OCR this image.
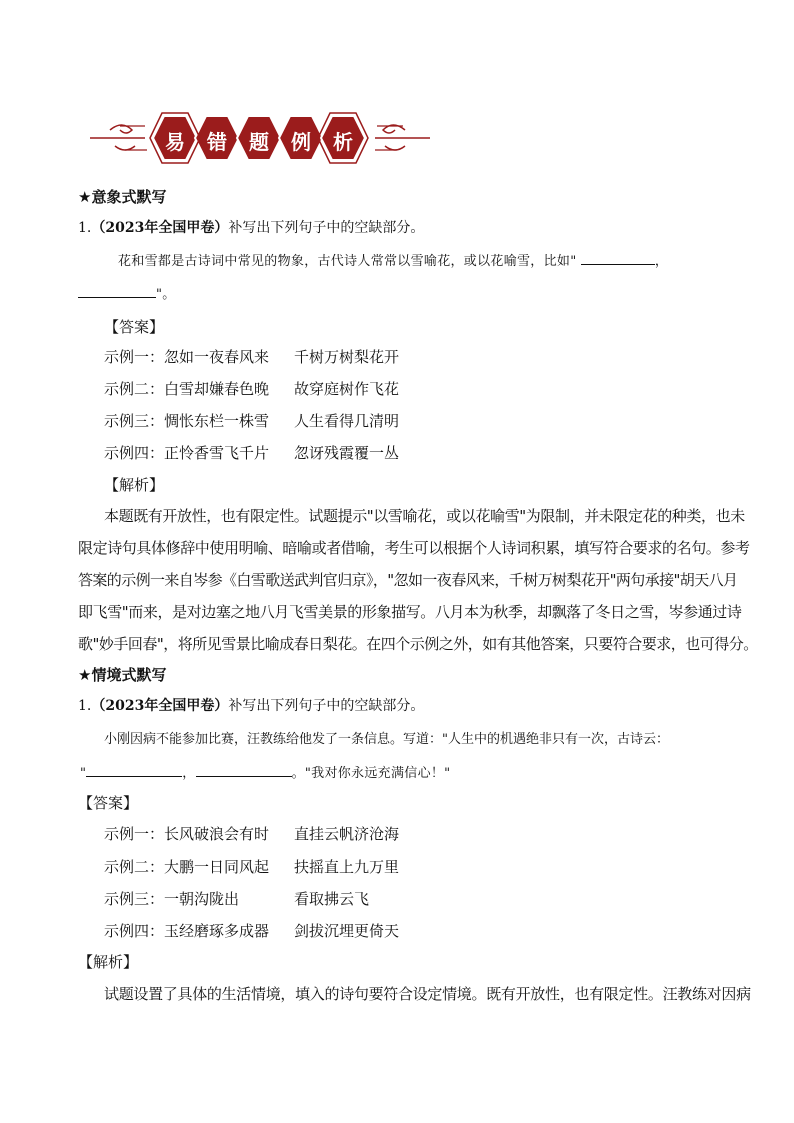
易	错	题	例	析
★意象式默写
1.（2023年全国甲卷）补写出下列句子中的空缺部分。
花和雪都是古诗词中常见的物象，古代诗人常常以雪喻花，或以花喻雪，比如"	，
"。
【答案】
示例一：忽如一夜春风来 千树万树梨花开
示例二：白雪却嫌春色晚 故穿庭树作飞花
示例三：惆怅东栏一株雪 人生看得几清明
示例四：正怜香雪飞千片 忽讶残霞覆一丛
【解析】
本题既有开放性，也有限定性。试题提示"以雪喻花，或以花喻雪"为限制，并未限定花的种类，也未
限定诗句具体修辞中使用明喻、暗喻或者借喻，考生可以根据个人诗词积累，填写符合要求的名句。参考
答案的示例一来自岑参《白雪歌送武判官归京》，"忽如一夜春风来，千树万树梨花开"两句承接"胡天八月
即飞雪"而来，是对边塞之地八月飞雪美景的形象描写。八月本为秋季，却飘落了冬日之雪，岑参通过诗
歌"妙手回春"，将所见雪景比喻成春日梨花。在四个示例之外，如有其他答案，只要符合要求，也可得分。
★情境式默写
1.（2023年全国甲卷）补写出下列句子中的空缺部分。
小刚因病不能参加比赛，汪教练给他发了一条信息。写道："人生中的机遇绝非只有一次，古诗云：
"	，	。"我对你永远充满信心！"
【答案】
示例一：长风破浪会有时 直挂云帆济沧海
示例二：大鹏一日同风起 扶摇直上九万里
示例三：一朝沟陇出	看取拂云飞
示例四：玉经磨琢多成器 剑拔沉埋更倚天
【解析】
试题设置了具体的生活情境，填入的诗句要符合设定情境。既有开放性，也有限定性。汪教练对因病
